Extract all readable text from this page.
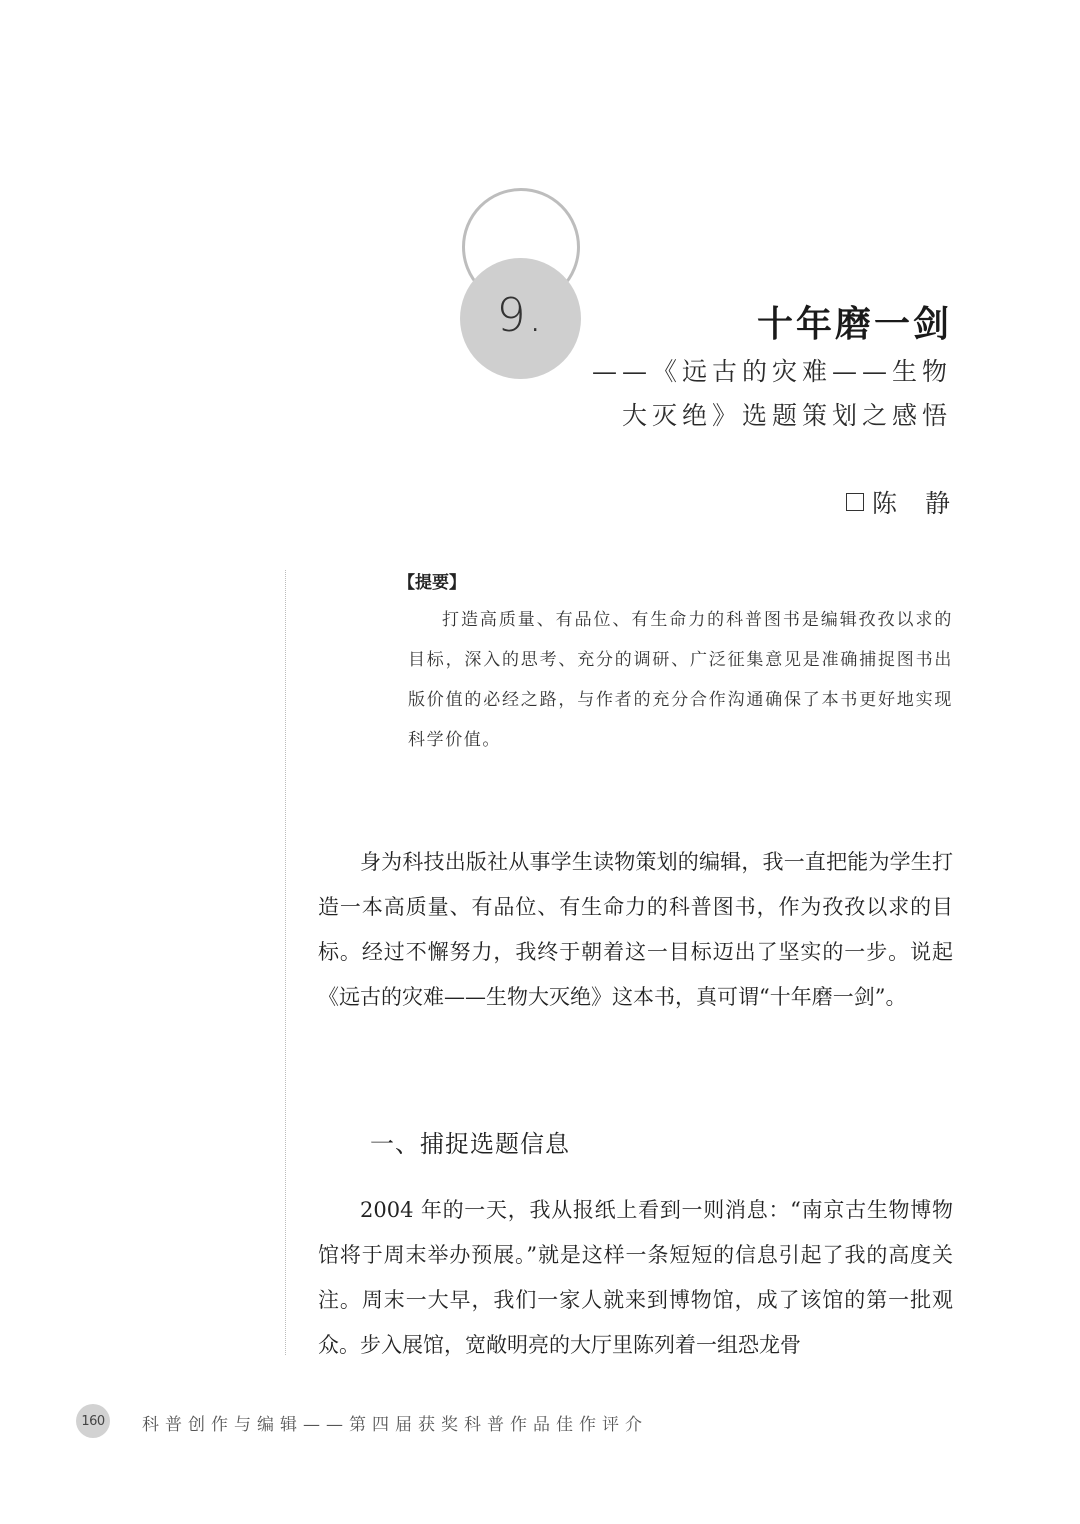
9.	十年磨一剑
——《远古的灾难——生物
大灭绝》选题策划之感悟
陈 静
【提要】

打造高质量、有品位、有生命力的科普图书是编辑孜孜以求的目标，深入的思考、充分的调研、广泛征集意见是准确捕捉图书出版价值的必经之路，与作者的充分合作沟通确保了本书更好地实现科学价值。

身为科技出版社从事学生读物策划的编辑，我一直把能为学生打造一本高质量、有品位、有生命力的科普图书，作为孜孜以求的目标。经过不懈努力，我终于朝着这一目标迈出了坚实的一步。说起《远古的灾难——生物大灭绝》这本书，真可谓“十年磨一剑”。

一、捕捉选题信息

2004 年的一天，我从报纸上看到一则消息：“南京古生物博物馆将于周末举办预展。”就是这样一条短短的信息引起了我的高度关注。周末一大早，我们一家人就来到博物馆，成了该馆的第一批观众。步入展馆，宽敞明亮的大厅里陈列着一组恐龙骨

160	科普创作与编辑——第四届获奖科普作品佳作评介
